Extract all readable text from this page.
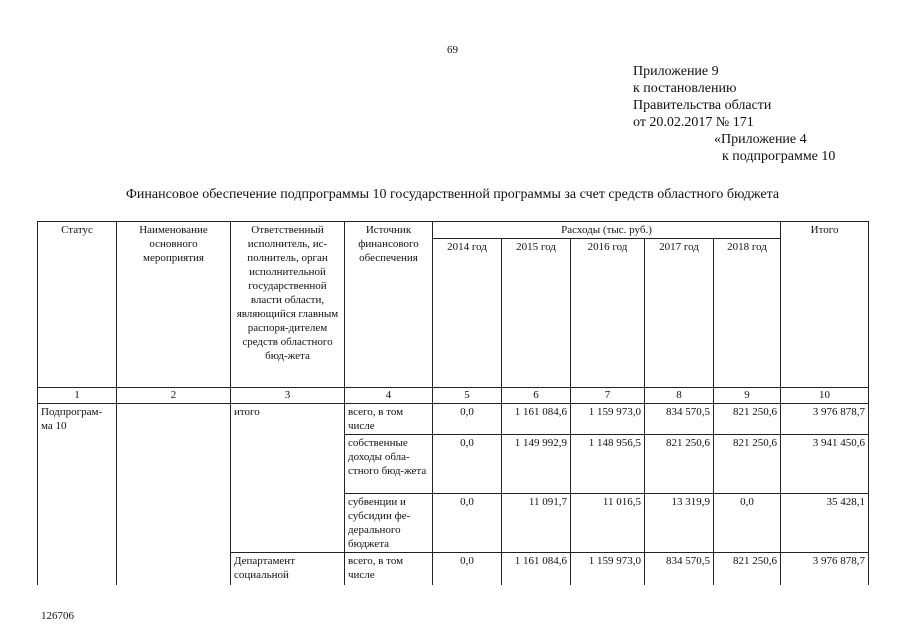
69
Приложение 9
к постановлению
Правительства области
от 20.02.2017 № 171
«Приложение 4
к подпрограмме 10
Финансовое обеспечение подпрограммы 10 государственной программы за счет средств областного бюджета
Статус	Наименование основного мероприятия	Ответственный исполнитель, ис-полнитель, орган исполнительной государственной власти области, являющийся главным распоря-дителем средств областного бюд-жета	Источник финансового обеспечения	Расходы (тыс. руб.)					Итого
				2014 год	2015 год	2016 год	2017 год	2018 год	
1	2	3	4	5	6	7	8	9	10
Подпрограм-ма 10		итого	всего, в том числе	0,0	1 161 084,6	1 159 973,0	834 570,5	821 250,6	3 976 878,7
			собственные доходы обла-стного бюд-жета	0,0	1 149 992,9	1 148 956,5	821 250,6	821 250,6	3 941 450,6
			субвенции и субсидии фе-дерального бюджета	0,0	11 091,7	11 016,5	13 319,9	0,0	35 428,1
		Департамент социальной	всего, в том числе	0,0	1 161 084,6	1 159 973,0	834 570,5	821 250,6	3 976 878,7
126706
